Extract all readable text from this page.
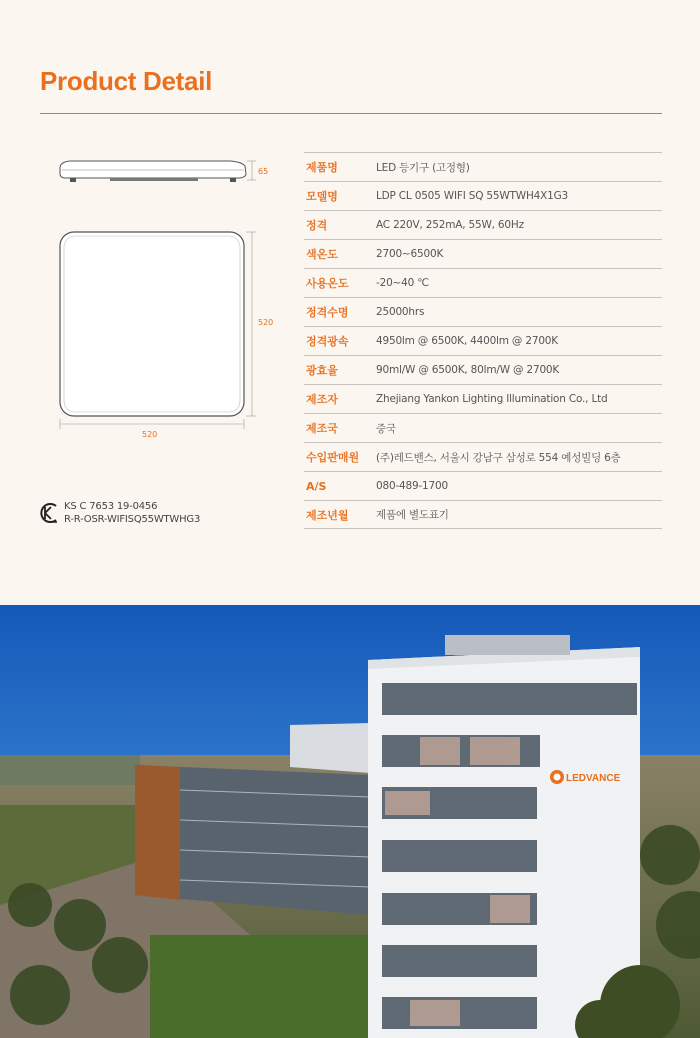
Product Detail
65
520
520
제품명	LED 등기구 (고정형)
모델명	LDP CL 0505 WIFI SQ 55WTWH4X1G3
정격	AC 220V, 252mA, 55W, 60Hz
색온도	2700~6500K
사용온도	-20~40 ℃
정격수명	25000hrs
정격광속	4950lm @ 6500K, 4400lm @ 2700K
광효율	90ml/W @ 6500K, 80lm/W @ 2700K
제조자	Zhejiang Yankon Lighting Illumination Co., Ltd
제조국	중국
수입판매원	(주)레드밴스, 서울시 강남구 삼성로 554 예성빌딩 6층
A/S	080-489-1700
제조년월	제품에 별도표기
KS C 7653 19-0456
R-R-OSR-WIFISQ55WTWHG3
LEDVANCE
